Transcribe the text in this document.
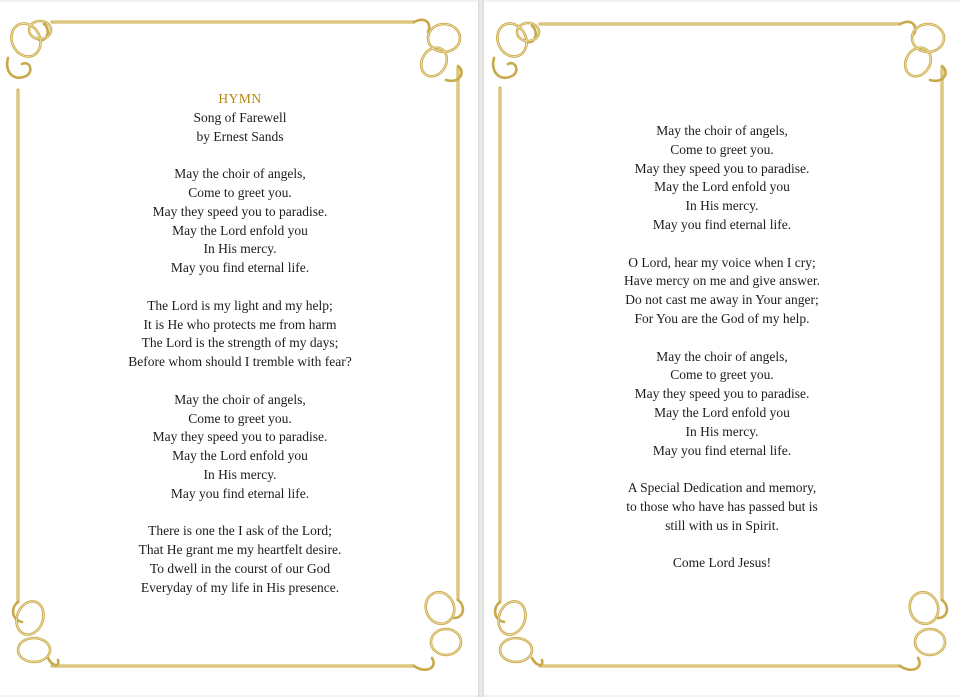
HYMN
Song of Farewell
by Ernest Sands
May the choir of angels,
Come to greet you.
May they speed you to paradise.
May the Lord enfold you
In His mercy.
May you find eternal life.
The Lord is my light and my help;
It is He who protects me from harm
The Lord is the strength of my days;
Before whom should I tremble with fear?
May the choir of angels,
Come to greet you.
May they speed you to paradise.
May the Lord enfold you
In His mercy.
May you find eternal life.
There is one the I ask of the Lord;
That He grant me my heartfelt desire.
To dwell in the courst of our God
Everyday of my life in His presence.
May the choir of angels,
Come to greet you.
May they speed you to paradise.
May the Lord enfold you
In His mercy.
May you find eternal life.
O Lord, hear my voice when I cry;
Have mercy on me and give answer.
Do not cast me away in Your anger;
For You are the God of my help.
May the choir of angels,
Come to greet you.
May they speed you to paradise.
May the Lord enfold you
In His mercy.
May you find eternal life.
A Special Dedication and memory,
to those who have has passed but is
still with us in Spirit.
Come Lord Jesus!
